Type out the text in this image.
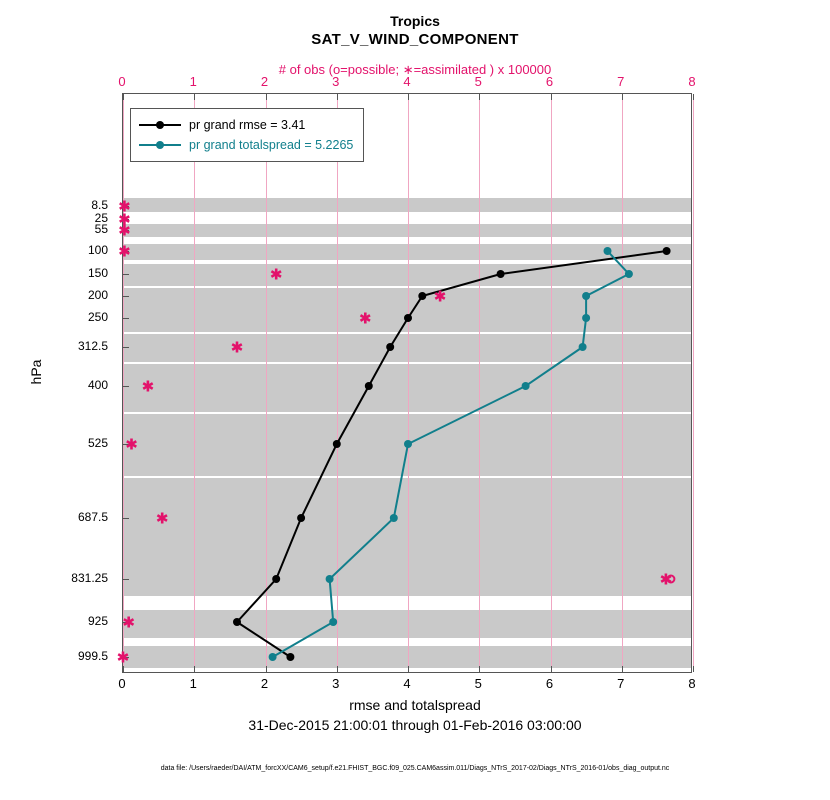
Tropics
SAT_V_WIND_COMPONENT
# of obs (o=possible; ∗=assimilated ) x 100000
8.5
25
55
100
150
200
250
312.5
400
525
687.5
831.25
925
999.5
hPa
pr grand rmse = 3.41
pr grand totalspread = 5.2265
rmse and totalspread
31-Dec-2015 21:00:01 through 01-Feb-2016 03:00:00
data file: /Users/raeder/DAI/ATM_forcXX/CAM6_setup/f.e21.FHIST_BGC.f09_025.CAM6assim.011/Diags_NTrS_2017-02/Diags_NTrS_2016-01/obs_diag_output.nc
0
0
1
1
2
2
3
3
4
4
5
5
6
6
7
7
8
8
